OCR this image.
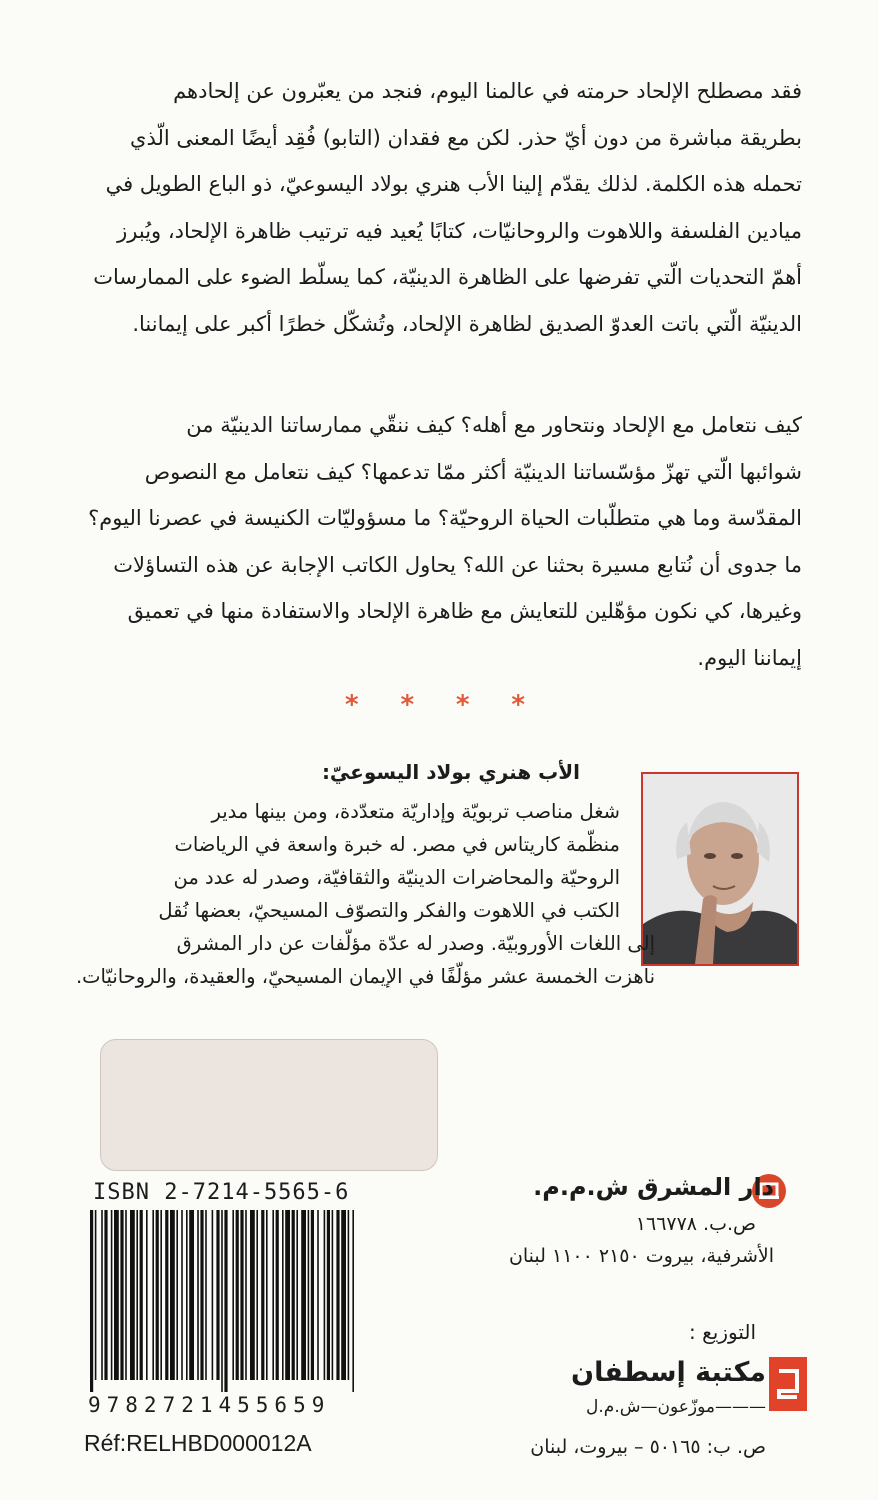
فقد مصطلح الإلحاد حرمته في عالمنا اليوم، فنجد من يعبّرون عن إلحادهم
بطريقة مباشرة من دون أيّ حذر. لكن مع فقدان (التابو) فُقِد أيضًا المعنى الّذي
تحمله هذه الكلمة. لذلك يقدّم إلينا الأب هنري بولاد اليسوعيّ، ذو الباع الطويل في
ميادين الفلسفة واللاهوت والروحانيّات، كتابًا يُعيد فيه ترتيب ظاهرة الإلحاد، ويُبرز
أهمّ التحديات الّتي تفرضها على الظاهرة الدينيّة، كما يسلّط الضوء على الممارسات
الدينيّة الّتي باتت العدوّ الصديق لظاهرة الإلحاد، وتُشكّل خطرًا أكبر على إيماننا.
كيف نتعامل مع الإلحاد ونتحاور مع أهله؟ كيف ننقّي ممارساتنا الدينيّة من
شوائبها الّتي تهزّ مؤسّساتنا الدينيّة أكثر ممّا تدعمها؟ كيف نتعامل مع النصوص
المقدّسة وما هي متطلّبات الحياة الروحيّة؟ ما مسؤوليّات الكنيسة في عصرنا اليوم؟
ما جدوى أن نُتابع مسيرة بحثنا عن الله؟ يحاول الكاتب الإجابة عن هذه التساؤلات
وغيرها، كي نكون مؤهّلين للتعايش مع ظاهرة الإلحاد والاستفادة منها في تعميق
إيماننا اليوم.
* * * *
الأب هنري بولاد اليسوعيّ:
شغل مناصب تربويّة وإداريّة متعدّدة، ومن بينها مدير
منظّمة كاريتاس في مصر. له خبرة واسعة في الرياضات
الروحيّة والمحاضرات الدينيّة والثقافيّة، وصدر له عدد من
الكتب في اللاهوت والفكر والتصوّف المسيحيّ، بعضها نُقل
إلى اللغات الأوروبيّة. وصدر له عدّة مؤلّفات عن دار المشرق
ناهزت الخمسة عشر مؤلّفًا في الإيمان المسيحيّ، والعقيدة، والروحانيّات.
ISBN 2-7214-5565-6
9782721455659
Réf:RELHBD000012A
دار المشرق ش.م.م.
ص.ب. ١٦٦٧٧٨
الأشرفية، بيروت ٢١٥٠ ١١٠٠ لبنان
التوزيع :
مكتبة إسطفان
———موزّعون—ش.م.ل
ص. ب: ٥٠١٦٥ – بيروت، لبنان
